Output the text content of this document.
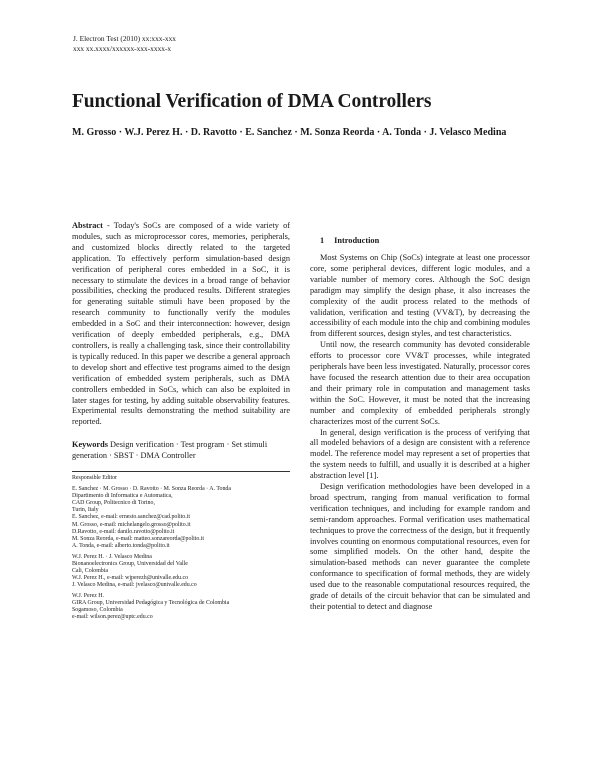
J. Electron Test (2010) xx:xxx-xxx
xxx xx.xxxx/xxxxxx-xxx-xxxx-x
Functional Verification of DMA Controllers
M. Grosso · W.J. Perez H. · D. Ravotto · E. Sanchez · M. Sonza Reorda · A. Tonda · J. Velasco Medina
Abstract - Today's SoCs are composed of a wide variety of modules, such as microprocessor cores, memories, peripherals, and customized blocks directly related to the targeted application. To effectively perform simulation-based design verification of peripheral cores embedded in a SoC, it is necessary to stimulate the devices in a broad range of behavior possibilities, checking the produced results. Different strategies for generating suitable stimuli have been proposed by the research community to functionally verify the modules embedded in a SoC and their interconnection: however, design verification of deeply embedded peripherals, e.g., DMA controllers, is really a challenging task, since their controllability is typically reduced. In this paper we describe a general approach to develop short and effective test programs aimed to the design verification of embedded system peripherals, such as DMA controllers embedded in SoCs, which can also be exploited in later stages for testing, by adding suitable observability features. Experimental results demonstrating the method suitability are reported.
Keywords Design verification · Test program · Set stimuli generation · SBST · DMA Controller
Responsible Editor
E. Sanchez · M. Grosso · D. Ravotto · M. Sonza Reorda · A. Tonda
Dipartimento di Informatica e Automatica,
CAD Group, Politecnico di Torino,
Turin, Italy
E. Sanchez, e-mail: ernesto.sanchez@cad.polito.it
M. Grosso, e-mail: michelangelo.grosso@polito.it
D.Ravotto, e-mail: danilo.ravotto@polito.it
M. Sonza Reorda, e-mail: matteo.sonzareorda@polito.it
A. Tonda, e-mail: alberto.tonda@polito.it
W.J. Perez H. · J. Velasco Medina
Bionanoelectronics Group, Universidad del Valle
Cali, Colombia
W.J. Perez H., e-mail: wjperezh@univalle.edu.co
J. Velasco Medina, e-mail: jvelasco@univalle.edu.co
W.J. Perez H.
GIRA Group, Universidad Pedagógica y Tecnológica de Colombia
Sogamoso, Colombia
e-mail: wilson.perez@uptc.edu.co
1 Introduction

Most Systems on Chip (SoCs) integrate at least one processor core, some peripheral devices, different logic modules, and a variable number of memory cores. Although the SoC design paradigm may simplify the design phase, it also increases the complexity of the audit process related to the methods of validation, verification and testing (VV&T), by decreasing the accessibility of each module into the chip and combining modules from different sources, design styles, and test characteristics.

Until now, the research community has devoted considerable efforts to processor core VV&T processes, while integrated peripherals have been less investigated. Naturally, processor cores have focused the research attention due to their area occupation and their primary role in computation and management tasks within the SoC. However, it must be noted that the increasing number and complexity of embedded peripherals strongly characterizes most of the current SoCs.

In general, design verification is the process of verifying that all modeled behaviors of a design are consistent with a reference model. The reference model may represent a set of properties that the system needs to fulfill, and usually it is described at a higher abstraction level [1].

Design verification methodologies have been developed in a broad spectrum, ranging from manual verification to formal verification techniques, and including for example random and semi-random approaches. Formal verification uses mathematical techniques to prove the correctness of the design, but it frequently involves counting on enormous computational resources, even for some simplified models. On the other hand, despite the simulation-based methods can never guarantee the complete conformance to specification of formal methods, they are widely used due to the reasonable computational resources required, the grade of details of the circuit behavior that can be simulated and their potential to detect and diagnose
